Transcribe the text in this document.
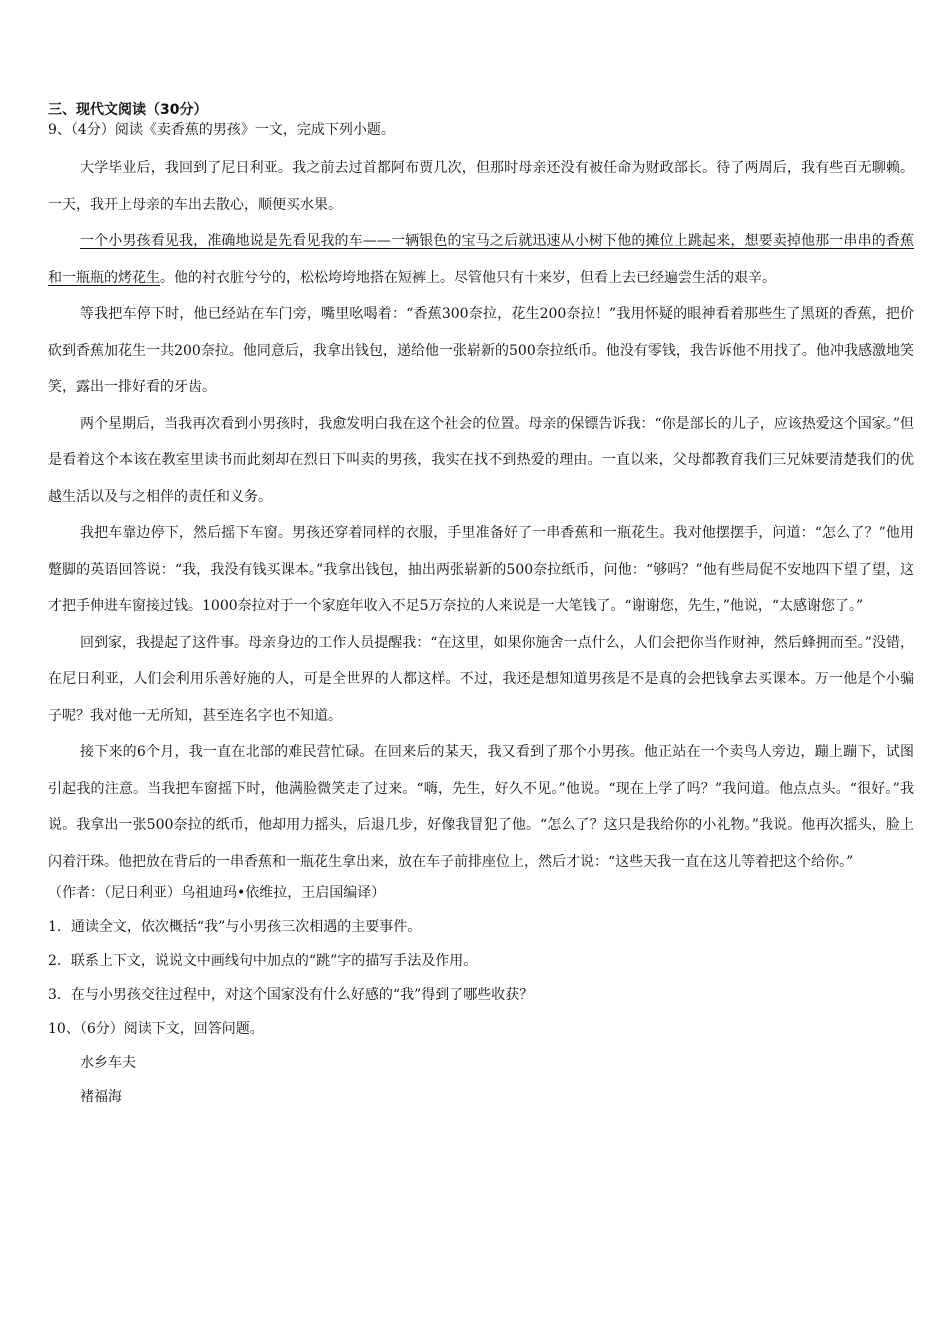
三、现代文阅读（30分）

9、（4分）阅读《卖香蕉的男孩》一文，完成下列小题。

大学毕业后，我回到了尼日利亚。我之前去过首都阿布贾几次，但那时母亲还没有被任命为财政部长。待了两周后，我有些百无聊赖。一天，我开上母亲的车出去散心，顺便买水果。

一个小男孩看见我，准确地说是先看见我的车——一辆银色的宝马之后就迅速从小树下他的摊位上跳起来，想要卖掉他那一串串的香蕉和一瓶瓶的烤花生。他的衬衣脏兮兮的，松松垮垮地搭在短裤上。尽管他只有十来岁，但看上去已经遍尝生活的艰辛。

等我把车停下时，他已经站在车门旁，嘴里吆喝着：“香蕉300奈拉，花生200奈拉！”我用怀疑的眼神看着那些生了黑斑的香蕉，把价砍到香蕉加花生一共200奈拉。他同意后，我拿出钱包，递给他一张崭新的500奈拉纸币。他没有零钱，我告诉他不用找了。他冲我感激地笑笑，露出一排好看的牙齿。

两个星期后，当我再次看到小男孩时，我愈发明白我在这个社会的位置。母亲的保镖告诉我：“你是部长的儿子，应该热爱这个国家。”但是看着这个本该在教室里读书而此刻却在烈日下叫卖的男孩，我实在找不到热爱的理由。一直以来，父母都教育我们三兄妹要清楚我们的优越生活以及与之相伴的责任和义务。

我把车靠边停下，然后摇下车窗。男孩还穿着同样的衣服，手里准备好了一串香蕉和一瓶花生。我对他摆摆手，问道：“怎么了？”他用蹩脚的英语回答说：“我，我没有钱买课本。”我拿出钱包，抽出两张崭新的500奈拉纸币，问他：“够吗？”他有些局促不安地四下望了望，这才把手伸进车窗接过钱。1000奈拉对于一个家庭年收入不足5万奈拉的人来说是一大笔钱了。“谢谢您，先生，”他说，“太感谢您了。”

回到家，我提起了这件事。母亲身边的工作人员提醒我：“在这里，如果你施舍一点什么，人们会把你当作财神，然后蜂拥而至。”没错，在尼日利亚，人们会利用乐善好施的人，可是全世界的人都这样。不过，我还是想知道男孩是不是真的会把钱拿去买课本。万一他是个小骗子呢？我对他一无所知，甚至连名字也不知道。

接下来的6个月，我一直在北部的难民营忙碌。在回来后的某天，我又看到了那个小男孩。他正站在一个卖鸟人旁边，蹦上蹦下，试图引起我的注意。当我把车窗摇下时，他满脸微笑走了过来。“嗨，先生，好久不见。”他说。“现在上学了吗？”我问道。他点点头。“很好。”我说。我拿出一张500奈拉的纸币，他却用力摇头，后退几步，好像我冒犯了他。“怎么了？这只是我给你的小礼物。”我说。他再次摇头，脸上闪着汗珠。他把放在背后的一串香蕉和一瓶花生拿出来，放在车子前排座位上，然后才说：“这些天我一直在这儿等着把这个给你。”

（作者：（尼日利亚）乌祖迪玛•依维拉，王启国编译）

1．通读全文，依次概括“我”与小男孩三次相遇的主要事件。

2．联系上下文，说说文中画线句中加点的“跳”字的描写手法及作用。

3．在与小男孩交往过程中，对这个国家没有什么好感的“我”得到了哪些收获？

10、（6分）阅读下文，回答问题。

水乡车夫

褚福海
